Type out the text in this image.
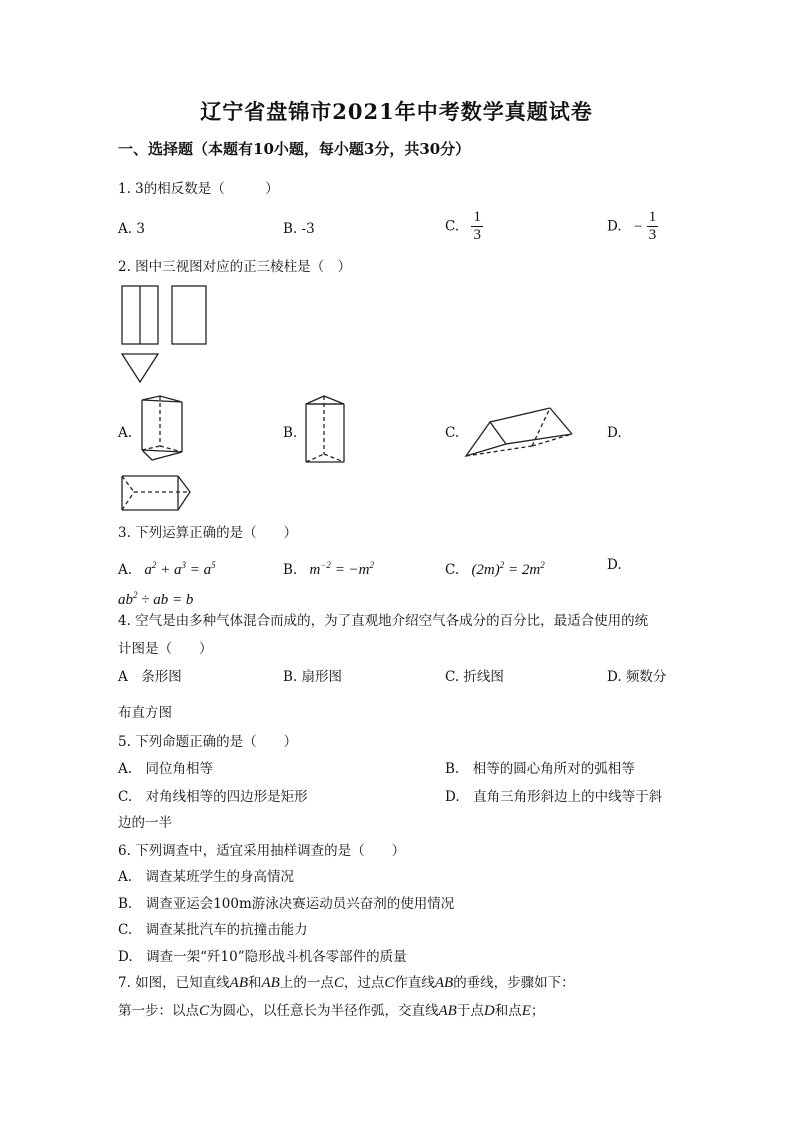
辽宁省盘锦市2021年中考数学真题试卷
一、选择题（本题有10小题，每小题3分，共30分）
1. 3的相反数是（　　　）
A. 3	B. -3	C. $\frac{1}{3}$	D. − $\frac{1}{3}$
2. 图中三视图对应的正三棱柱是（　）
A.	B.	C.	D.
3. 下列运算正确的是（　　）
A. $a^2 + a^3 = a^5$	B. $m^{-2} = -m^2$	C. $(2m)^2 = 2m^2$	D.
$ab^2$ ÷ ab = b
4. 空气是由多种气体混合而成的，为了直观地介绍空气各成分的百分比，最适合使用的统
计图是（　　）
A　条形图	B. 扇形图	C. 折线图	D. 频数分
布直方图
5. 下列命题正确的是（　　）
A.　同位角相等	B.　相等的圆心角所对的弧相等
C.　对角线相等的四边形是矩形	D.　直角三角形斜边上的中线等于斜
边的一半
6. 下列调查中，适宜采用抽样调查的是（　　）
A.　调查某班学生的身高情况
B.　调查亚运会100m游泳决赛运动员兴奋剂的使用情况
C.　调查某批汽车的抗撞击能力
D.　调查一架“歼10”隐形战斗机各零部件的质量
7. 如图，已知直线AB和AB上的一点C，过点C作直线AB的垂线，步骤如下：
第一步：以点C为圆心，以任意长为半径作弧，交直线AB于点D和点E；
